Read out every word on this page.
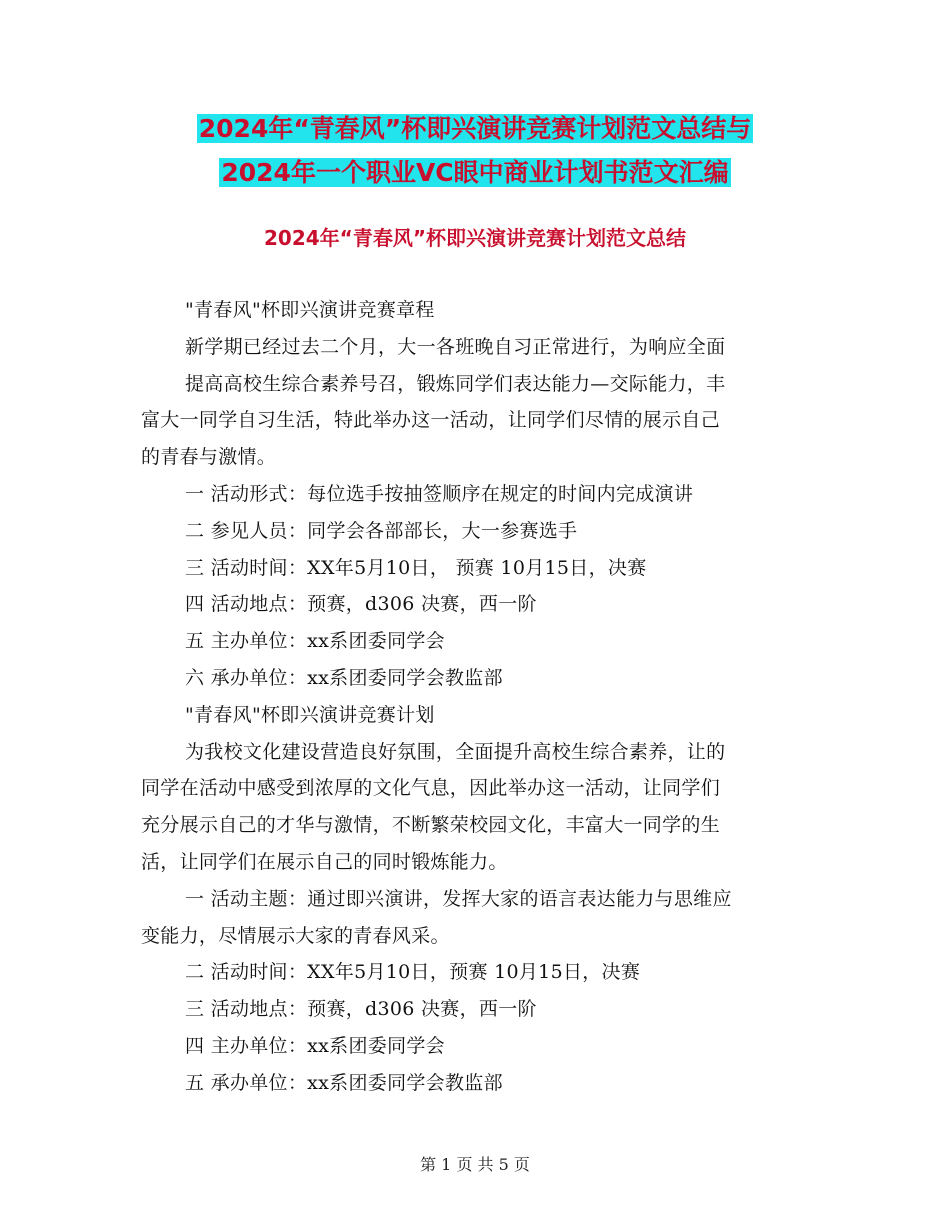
2024年“青春风”杯即兴演讲竞赛计划范文总结与
2024年一个职业VC眼中商业计划书范文汇编
2024年“青春风”杯即兴演讲竞赛计划范文总结

"青春风"杯即兴演讲竞赛章程

新学期已经过去二个月，大一各班晚自习正常进行，为响应全面

提高高校生综合素养号召，锻炼同学们表达能力—交际能力，丰

富大一同学自习生活，特此举办这一活动，让同学们尽情的展示自己

的青春与激情。

一 活动形式：每位选手按抽签顺序在规定的时间内完成演讲

二 参见人员：同学会各部部长，大一参赛选手

三 活动时间：XX年5月10日， 预赛 10月15日，决赛

四 活动地点：预赛，d306 决赛，西一阶

五 主办单位：xx系团委同学会

六 承办单位：xx系团委同学会教监部

"青春风"杯即兴演讲竞赛计划

为我校文化建设营造良好氛围，全面提升高校生综合素养，让的

同学在活动中感受到浓厚的文化气息，因此举办这一活动，让同学们

充分展示自己的才华与激情，不断繁荣校园文化，丰富大一同学的生

活，让同学们在展示自己的同时锻炼能力。

一 活动主题：通过即兴演讲，发挥大家的语言表达能力与思维应

变能力，尽情展示大家的青春风采。

二 活动时间：XX年5月10日，预赛 10月15日，决赛

三 活动地点：预赛，d306 决赛，西一阶

四 主办单位：xx系团委同学会

五 承办单位：xx系团委同学会教监部

第 1 页 共 5 页
